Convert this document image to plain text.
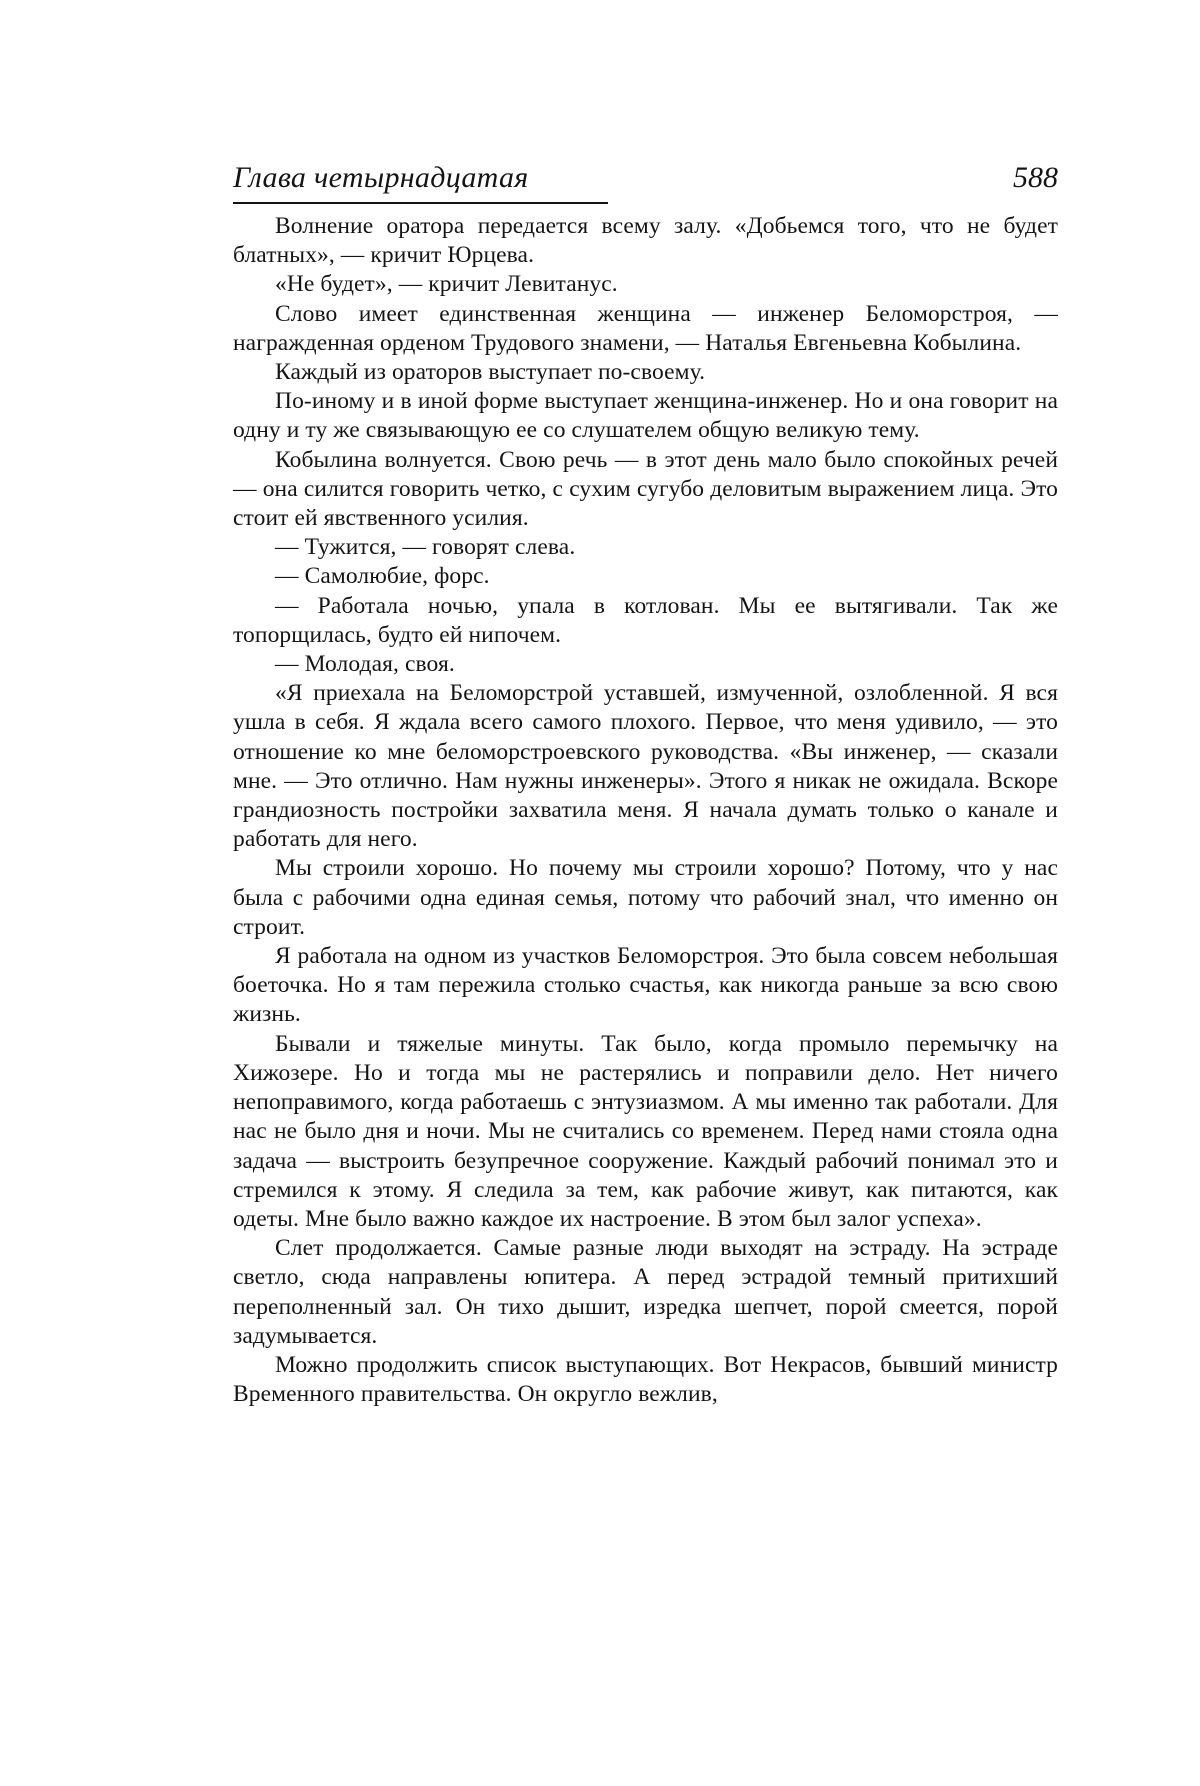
Глава четырнадцатая	588

Волнение оратора передается всему залу. «Добьемся того, что не будет блатных», — кричит Юрцева.

«Не будет», — кричит Левитанус.

Слово имеет единственная женщина — инженер Беломорстроя, — награжденная орденом Трудового знамени, — Наталья Евгеньевна Кобылина.

Каждый из ораторов выступает по-своему.

По-иному и в иной форме выступает женщина-инженер. Но и она говорит на одну и ту же связывающую ее со слушателем общую великую тему.

Кобылина волнуется. Свою речь — в этот день мало было спокойных речей — она силится говорить четко, с сухим сугубо деловитым выражением лица. Это стоит ей явственного усилия.

— Тужится, — говорят слева.

— Самолюбие, форс.

— Работала ночью, упала в котлован. Мы ее вытягивали. Так же топорщилась, будто ей нипочем.

— Молодая, своя.

«Я приехала на Беломорстрой уставшей, измученной, озлобленной. Я вся ушла в себя. Я ждала всего самого плохого. Первое, что меня удивило, — это отношение ко мне беломорстроевского руководства. «Вы инженер, — сказали мне. — Это отлично. Нам нужны инженеры». Этого я никак не ожидала. Вскоре грандиозность постройки захватила меня. Я начала думать только о канале и работать для него.

Мы строили хорошо. Но почему мы строили хорошо? Потому, что у нас была с рабочими одна единая семья, потому что рабочий знал, что именно он строит.

Я работала на одном из участков Беломорстроя. Это была совсем небольшая боеточка. Но я там пережила столько счастья, как никогда раньше за всю свою жизнь.

Бывали и тяжелые минуты. Так было, когда промыло перемычку на Хижозере. Но и тогда мы не растерялись и поправили дело. Нет ничего непоправимого, когда работаешь с энтузиазмом. А мы именно так работали. Для нас не было дня и ночи. Мы не считались со временем. Перед нами стояла одна задача — выстроить безупречное сооружение. Каждый рабочий понимал это и стремился к этому. Я следила за тем, как рабочие живут, как питаются, как одеты. Мне было важно каждое их настроение. В этом был залог успеха».

Слет продолжается. Самые разные люди выходят на эстраду. На эстраде светло, сюда направлены юпитера. А перед эстрадой темный притихший переполненный зал. Он тихо дышит, изредка шепчет, порой смеется, порой задумывается.

Можно продолжить список выступающих. Вот Некрасов, бывший министр Временного правительства. Он округло вежлив,
